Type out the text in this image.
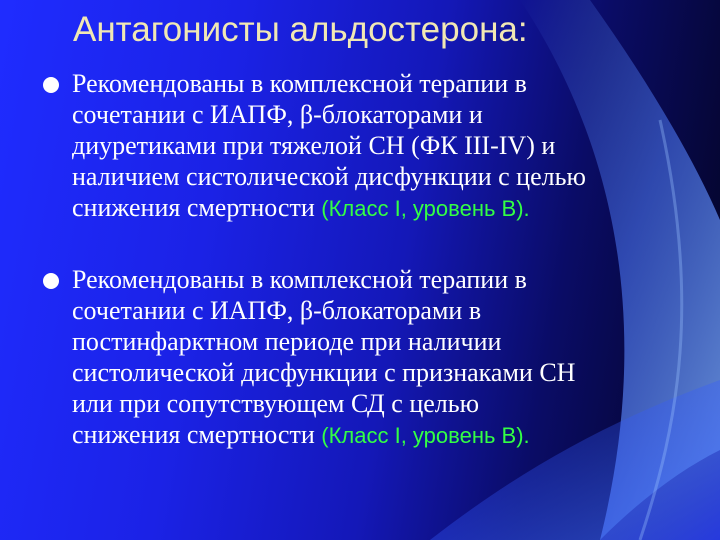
Антагонисты альдостерона:

Рекомендованы в комплексной терапии в
сочетании с ИАПФ, β-блокаторами и
диуретиками при тяжелой СН (ФК III-IV) и
наличием систолической дисфункции с целью
снижения смертности (Класс I, уровень В).

Рекомендованы в комплексной терапии в
сочетании с ИАПФ, β-блокаторами в
постинфарктном периоде при наличии
систолической дисфункции с признаками СН
или при сопутствующем СД с целью
снижения смертности (Класс I, уровень В).
